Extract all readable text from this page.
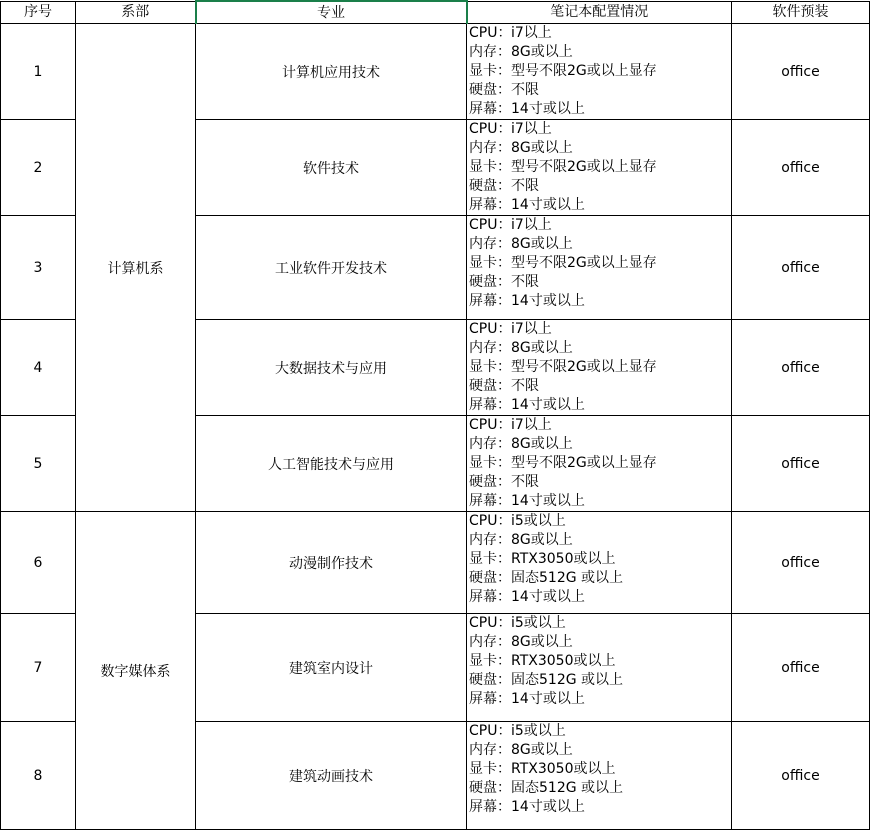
序号	系部	专业	笔记本配置情况	软件预装
1	计算机系	计算机应用技术	CPU：i7以上
内存：8G或以上
显卡：型号不限2G或以上显存
硬盘：不限
屏幕：14寸或以上	office
2		软件技术	CPU：i7以上
内存：8G或以上
显卡：型号不限2G或以上显存
硬盘：不限
屏幕：14寸或以上	office
3		工业软件开发技术	CPU：i7以上
内存：8G或以上
显卡：型号不限2G或以上显存
硬盘：不限
屏幕：14寸或以上	office
4		大数据技术与应用	CPU：i7以上
内存：8G或以上
显卡：型号不限2G或以上显存
硬盘：不限
屏幕：14寸或以上	office
5		人工智能技术与应用	CPU：i7以上
内存：8G或以上
显卡：型号不限2G或以上显存
硬盘：不限
屏幕：14寸或以上	office
6	数字媒体系	动漫制作技术	CPU：i5或以上
内存：8G或以上
显卡：RTX3050或以上
硬盘：固态512G 或以上
屏幕：14寸或以上	office
7		建筑室内设计	CPU：i5或以上
内存：8G或以上
显卡：RTX3050或以上
硬盘：固态512G 或以上
屏幕：14寸或以上	office
8		建筑动画技术	CPU：i5或以上
内存：8G或以上
显卡：RTX3050或以上
硬盘：固态512G 或以上
屏幕：14寸或以上	office
